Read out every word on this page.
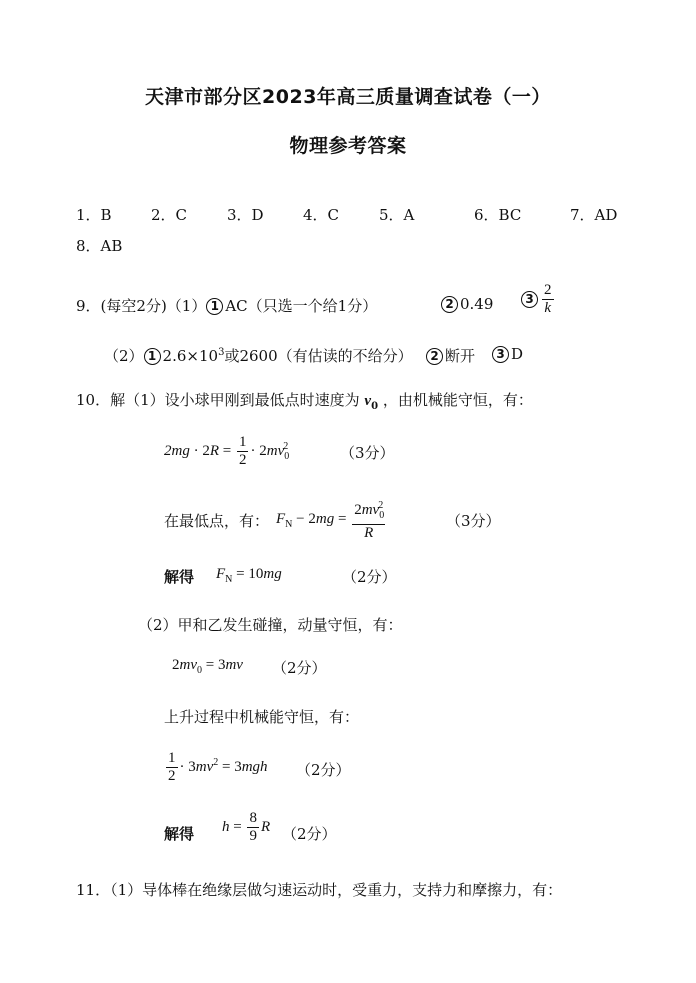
天津市部分区2023年高三质量调查试卷（一）
物理参考答案
1．B	2．C	3．D	4．C	5．A	6．BC	7．AD
8．AB
9．(每空2分)（1） 1 AC（只选一个给1分）	2 0.49	$3 \frac{2}{k}$
（2） 1 $2.6\times 10^3$或2600（有估读的不给分）	2 断开	3 D
10．解（1）设小球甲刚到最低点时速度为 $v_0$ ，由机械能守恒，有：
$2mg \cdot 2R = \frac{1}{2} \cdot 2mv_0^2$	（3分）
在最低点，有： $F_N - 2mg = \frac{2mv_0^2}{R}$	（3分）
解得 $F_N = 10mg$	（2分）
（2）甲和乙发生碰撞，动量守恒，有：
$2mv_0 = 3mv$ （2分）
上升过程中机械能守恒，有：
$\frac{1}{2} \cdot 3mv^2 = 3mgh$ （2分）
解得 $h = \frac{8}{9}$ R （2分）
11．（1）导体棒在绝缘层做匀速运动时，受重力，支持力和摩擦力，有：
